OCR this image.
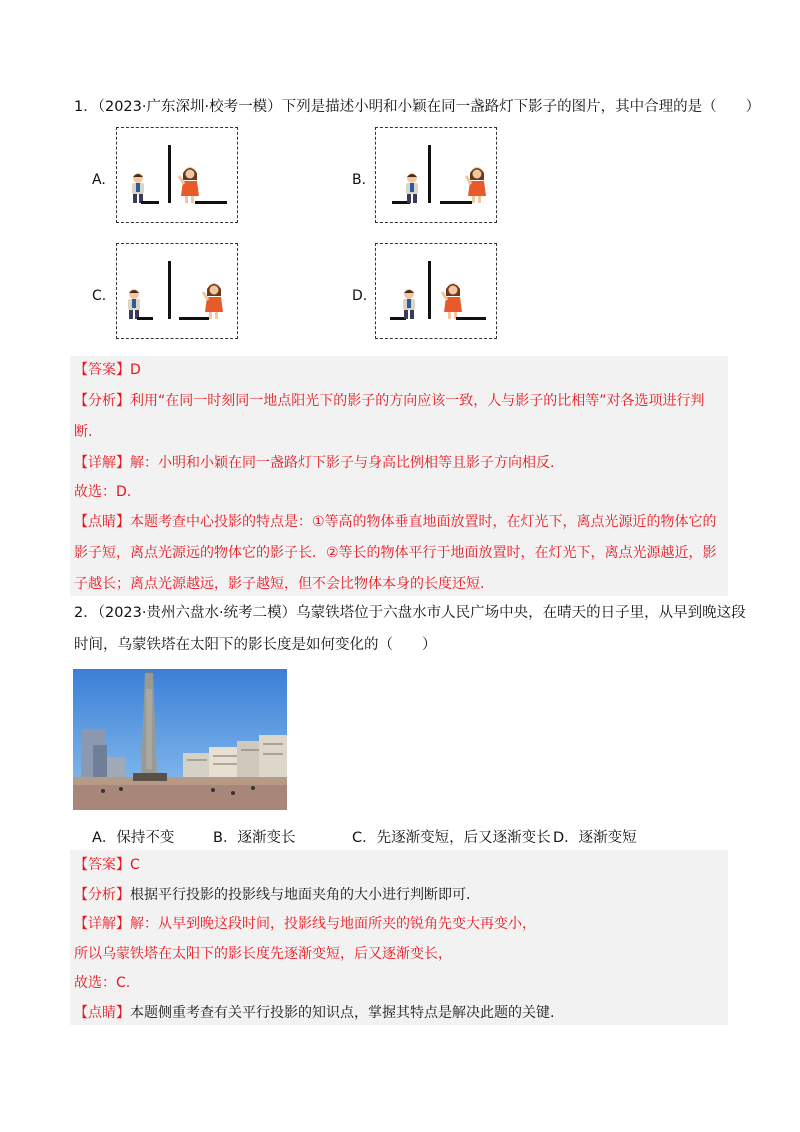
1．（2023·广东深圳·校考一模）下列是描述小明和小颖在同一盏路灯下影子的图片，其中合理的是（　　）
A.	B.
C.	D.
【答案】D
【分析】利用“在同一时刻同一地点阳光下的影子的方向应该一致，人与影子的比相等”对各选项进行判
断.
【详解】解：小明和小颖在同一盏路灯下影子与身高比例相等且影子方向相反.
故选：D.
【点睛】本题考查中心投影的特点是：①等高的物体垂直地面放置时，在灯光下，离点光源近的物体它的
影子短，离点光源远的物体它的影子长．②等长的物体平行于地面放置时，在灯光下，离点光源越近，影
子越长；离点光源越远，影子越短，但不会比物体本身的长度还短.
2．（2023·贵州六盘水·统考二模）乌蒙铁塔位于六盘水市人民广场中央，在晴天的日子里，从早到晚这段
时间，乌蒙铁塔在太阳下的影长度是如何变化的（　　）
A．保持不变	B．逐渐变长	C．先逐渐变短，后又逐渐变长 D．逐渐变短
【答案】C
【分析】根据平行投影的投影线与地面夹角的大小进行判断即可.
【详解】解：从早到晚这段时间，投影线与地面所夹的锐角先变大再变小，
所以乌蒙铁塔在太阳下的影长度先逐渐变短，后又逐渐变长，
故选：C.
【点睛】本题侧重考查有关平行投影的知识点，掌握其特点是解决此题的关键.
